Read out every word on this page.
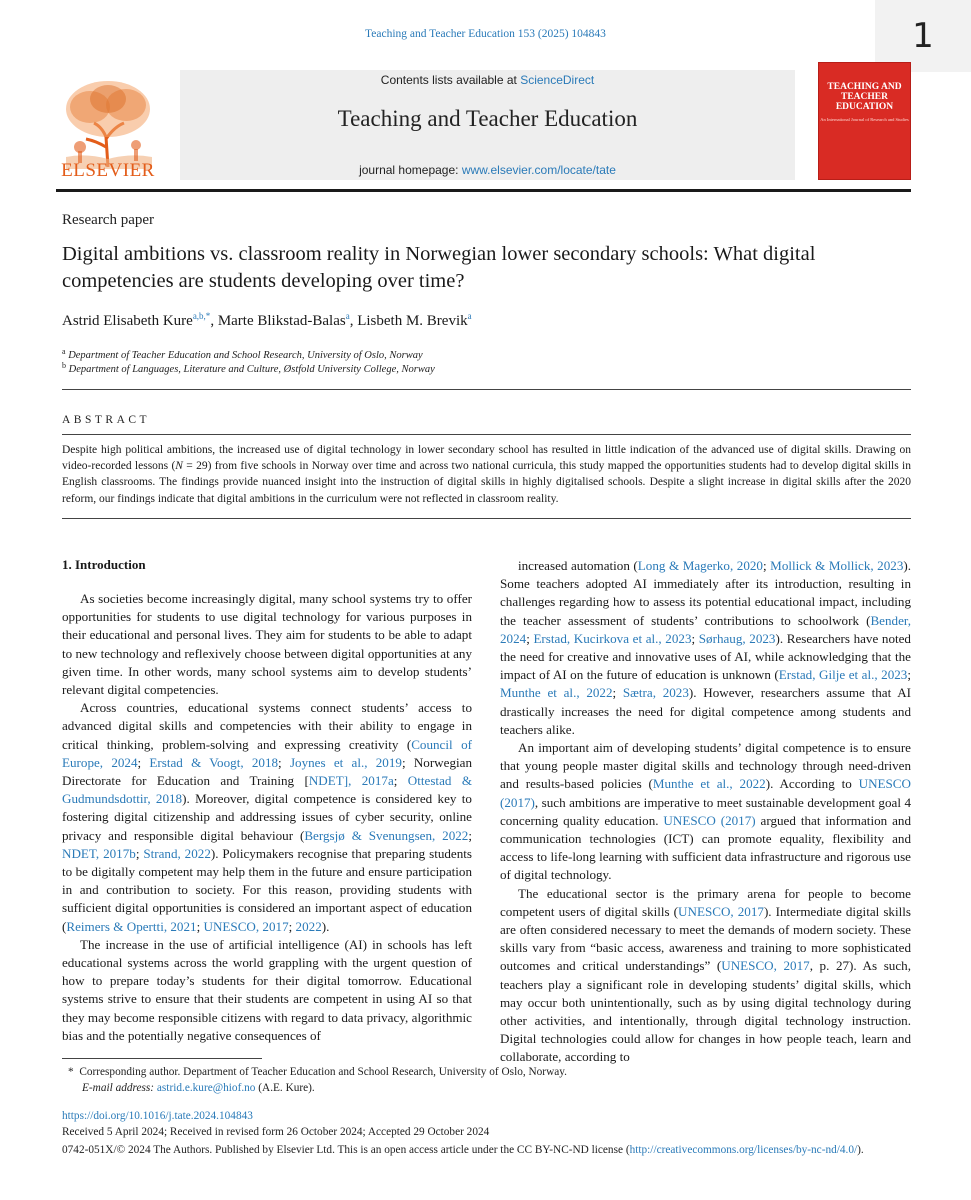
Teaching and Teacher Education 153 (2025) 104843	1
ELSEVIER
Contents lists available at ScienceDirect
Teaching and Teacher Education
journal homepage: www.elsevier.com/locate/tate
TEACHING AND TEACHER EDUCATION
An International Journal of Research and Studies
Research paper
Digital ambitions vs. classroom reality in Norwegian lower secondary schools: What digital competencies are students developing over time?
Astrid Elisabeth Kure$^{a,b,*}$, Marte Blikstad-Balas$^a$, Lisbeth M. Brevik$^a$
$^a$ Department of Teacher Education and School Research, University of Oslo, Norway
$^b$ Department of Languages, Literature and Culture, Østfold University College, Norway
ABSTRACT
Despite high political ambitions, the increased use of digital technology in lower secondary school has resulted in little indication of the advanced use of digital skills. Drawing on video-recorded lessons (N = 29) from five schools in Norway over time and across two national curricula, this study mapped the opportunities students had to develop digital skills in English classrooms. The findings provide nuanced insight into the instruction of digital skills in highly digitalised schools. Despite a slight increase in digital skills after the 2020 reform, our findings indicate that digital ambitions in the curriculum were not reflected in classroom reality.
1. Introduction

As societies become increasingly digital, many school systems try to offer opportunities for students to use digital technology for various purposes in their educational and personal lives. They aim for students to be able to adapt to new technology and reflexively choose between digital opportunities at any given time. In other words, many school systems aim to develop students’ relevant digital competencies.

Across countries, educational systems connect students’ access to advanced digital skills and competencies with their ability to engage in critical thinking, problem-solving and expressing creativity (Council of Europe, 2024; Erstad & Voogt, 2018; Joynes et al., 2019; Norwegian Directorate for Education and Training [NDET], 2017a; Ottestad & Gudmundsdottir, 2018). Moreover, digital competence is considered key to fostering digital citizenship and addressing issues of cyber security, online privacy and responsible digital behaviour (Bergsjø & Svenungsen, 2022; NDET, 2017b; Strand, 2022). Policymakers recognise that preparing students to be digitally competent may help them in the future and ensure participation in and contribution to society. For this reason, providing students with sufficient digital opportunities is considered an important aspect of education (Reimers & Opertti, 2021; UNESCO, 2017; 2022).

The increase in the use of artificial intelligence (AI) in schools has left educational systems across the world grappling with the urgent question of how to prepare today’s students for their digital tomorrow. Educational systems strive to ensure that their students are competent in using AI so that they may become responsible citizens with regard to data privacy, algorithmic bias and the potentially negative consequences of

increased automation (Long & Magerko, 2020; Mollick & Mollick, 2023). Some teachers adopted AI immediately after its introduction, resulting in challenges regarding how to assess its potential educational impact, including the teacher assessment of students’ contributions to schoolwork (Bender, 2024; Erstad, Kucirkova et al., 2023; Sørhaug, 2023). Researchers have noted the need for creative and innovative uses of AI, while acknowledging that the impact of AI on the future of education is unknown (Erstad, Gilje et al., 2023; Munthe et al., 2022; Sætra, 2023). However, researchers assume that AI drastically increases the need for digital competence among students and teachers alike.

An important aim of developing students’ digital competence is to ensure that young people master digital skills and technology through need-driven and results-based policies (Munthe et al., 2022). According to UNESCO (2017), such ambitions are imperative to meet sustainable development goal 4 concerning quality education. UNESCO (2017) argued that information and communication technologies (ICT) can promote equality, flexibility and access to life-long learning with sufficient data infrastructure and rigorous use of digital technology.

The educational sector is the primary arena for people to become competent users of digital skills (UNESCO, 2017). Intermediate digital skills are often considered necessary to meet the demands of modern society. These skills vary from “basic access, awareness and training to more sophisticated outcomes and critical understandings” (UNESCO, 2017, p. 27). As such, teachers play a significant role in developing students’ digital skills, which may occur both unintentionally, such as by using digital technology during other activities, and intentionally, through digital technology instruction. Digital technologies could allow for changes in how people teach, learn and collaborate, according to

* Corresponding author. Department of Teacher Education and School Research, University of Oslo, Norway.
E-mail address: astrid.e.kure@hiof.no (A.E. Kure).
https://doi.org/10.1016/j.tate.2024.104843
Received 5 April 2024; Received in revised form 26 October 2024; Accepted 29 October 2024
0742-051X/© 2024 The Authors. Published by Elsevier Ltd. This is an open access article under the CC BY-NC-ND license (http://creativecommons.org/licenses/by-nc-nd/4.0/).
